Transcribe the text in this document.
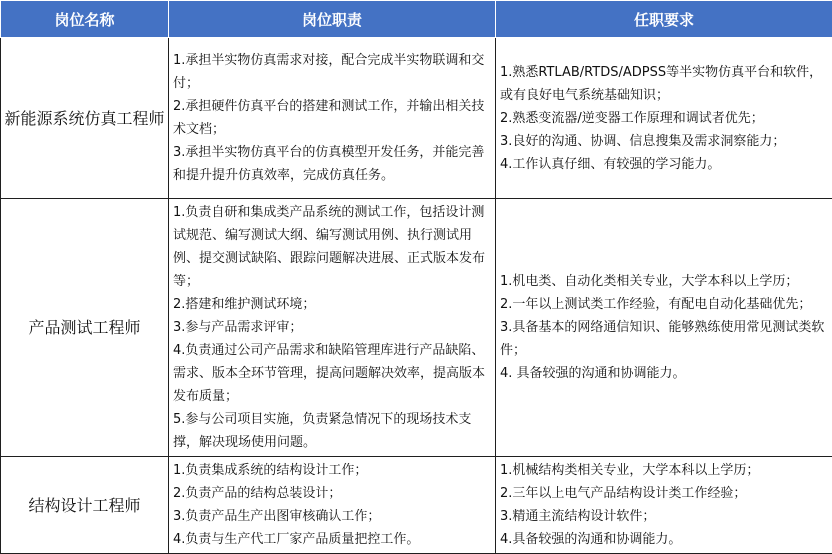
岗位名称	岗位职责	任职要求
新能源系统仿真工程师	1.承担半实物仿真需求对接，配合完成半实物联调和交付；
2.承担硬件仿真平台的搭建和测试工作，并输出相关技术文档；
3.承担半实物仿真平台的仿真模型开发任务，并能完善和提升提升仿真效率，完成仿真任务。	1.熟悉RTLAB/RTDS/ADPSS等半实物仿真平台和软件，或有良好电气系统基础知识；
2.熟悉变流器/逆变器工作原理和调试者优先；
3.良好的沟通、协调、信息搜集及需求洞察能力；
4.工作认真仔细、有较强的学习能力。

产品测试工程师	1.负责自研和集成类产品系统的测试工作，包括设计测试规范、编写测试大纲、编写测试用例、执行测试用例、提交测试缺陷、跟踪问题解决进展、正式版本发布等；
2.搭建和维护测试环境；
3.参与产品需求评审；
4.负责通过公司产品需求和缺陷管理库进行产品缺陷、需求、版本全环节管理，提高问题解决效率，提高版本发布质量；
5.参与公司项目实施，负责紧急情况下的现场技术支撑，解决现场使用问题。	1.机电类、自动化类相关专业，大学本科以上学历；
2.一年以上测试类工作经验，有配电自动化基础优先；
3.具备基本的网络通信知识、能够熟练使用常见测试类软件；
4. 具备较强的沟通和协调能力。

结构设计工程师	1.负责集成系统的结构设计工作；
2.负责产品的结构总装设计；
3.负责产品生产出图审核确认工作；
4.负责与生产代工厂家产品质量把控工作。	1.机械结构类相关专业，大学本科以上学历；
2.三年以上电气产品结构设计类工作经验；
3.精通主流结构设计软件；
4.具备较强的沟通和协调能力。
